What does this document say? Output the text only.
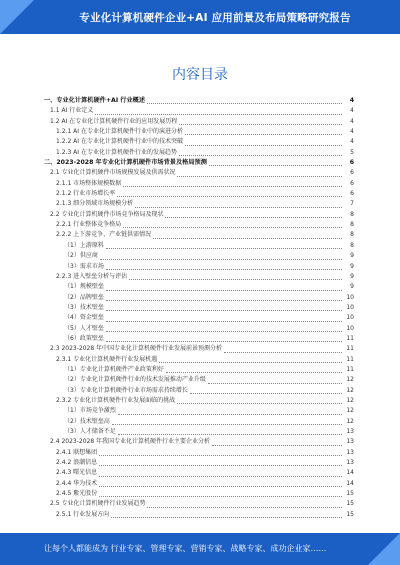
专业化计算机硬件企业+AI 应用前景及布局策略研究报告
内容目录
一、专业化计算机硬件+AI 行业概述	4
1.1 AI 行业定义	4
1.2 AI 在专业化计算机硬件行业的应用发展历程	4
1.2.1 AI 在专业化计算机硬件行业中的演进分析	4
1.2.2 AI 在专业化计算机硬件行业中的技术突破	4
1.2.3 AI 在专业化计算机硬件行业的发展趋势	5
二、2023-2028 年专业化计算机硬件市场背景及格局预测	6
2.1 专业化计算机硬件市场规模发展及供需状况	6
2.1.1 市场整体规模数据	6
2.1.2 行业市场增长率	6
2.1.3 细分领域市场规模分析	7
2.2 专业化计算机硬件市场竞争格局及现状	8
2.2.1 行业整体竞争格局	8
2.2.2 上下游竞争、产业链供需情况	8
（1）上游原料	8
（2）供应商	9
（3）需求市场	9
2.2.3 进入壁垒分析与评估	9
（1）规模壁垒	9
（2）品牌壁垒	10
（3）技术壁垒	10
（4）资金壁垒	10
（5）人才壁垒	10
（6）政策壁垒	11
2.3 2023-2028 年中国专业化计算机硬件行业发展前景预测分析	11
2.3.1 专业化计算机硬件行业发展机遇	11
（1）专业化计算机硬件产业政策利好	11
（2）专业化计算机硬件行业的技术发展推动产业升级	12
（3）专业化计算机硬件行业市场需求持续增长	12
2.3.2 专业化计算机硬件行业发展面临的挑战	12
（1）市场竞争激烈	12
（2）技术壁垒高	12
（3）人才储备不足	13
2.4 2023-2028 年我国专业化计算机硬件行业主要企业分析	13
2.4.1 联想集团	13
2.4.2 浪潮信息	13
2.4.3 曙光信息	14
2.4.4 华为技术	14
2.4.5 紫光股份	15
2.5 专业化计算机硬件行业发展趋势	15
2.5.1 行业发展方向	15
让每个人都能成为 行业专家、管理专家、营销专家、战略专家、成功企业家……
